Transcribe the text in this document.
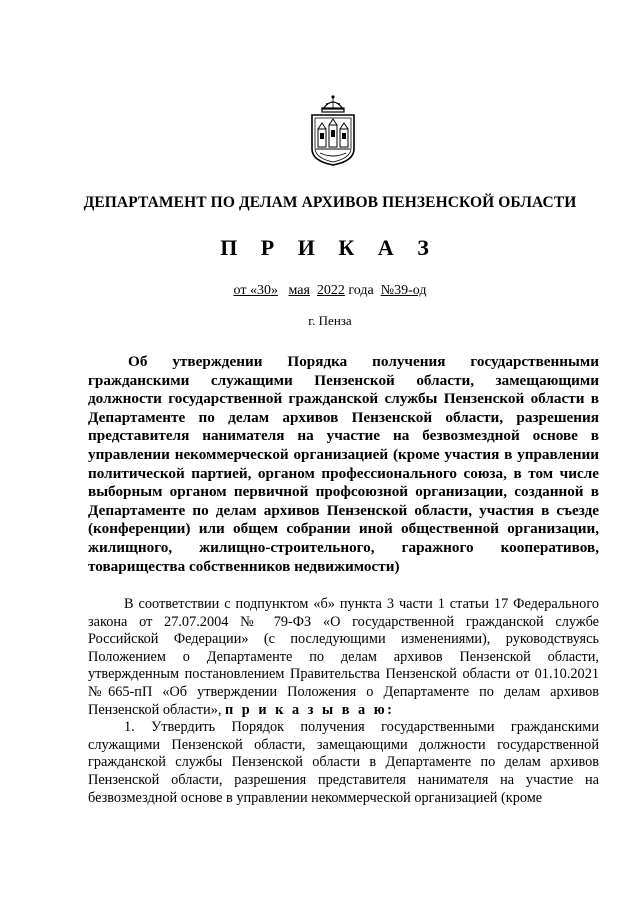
ДЕПАРТАМЕНТ ПО ДЕЛАМ АРХИВОВ ПЕНЗЕНСКОЙ ОБЛАСТИ
П Р И К А З
от «30» мая 2022 года №39-од
г. Пенза
Об утверждении Порядка получения государственными гражданскими служащими Пензенской области, замещающими должности государственной гражданской службы Пензенской области в Департаменте по делам архивов Пензенской области, разрешения представителя нанимателя на участие на безвозмездной основе в управлении некоммерческой организацией (кроме участия в управлении политической партией, органом профессионального союза, в том числе выборным органом первичной профсоюзной организации, созданной в Департаменте по делам архивов Пензенской области, участия в съезде (конференции) или общем собрании иной общественной организации, жилищного, жилищно-строительного, гаражного кооперативов, товарищества собственников недвижимости)

В соответствии с подпунктом «б» пункта 3 части 1 статьи 17 Федерального закона от 27.07.2004 № 79-ФЗ «О государственной гражданской службе Российской Федерации» (с последующими изменениями), руководствуясь Положением о Департаменте по делам архивов Пензенской области, утвержденным постановлением Правительства Пензенской области от 01.10.2021 №665-пП «Об утверждении Положения о Департаменте по делам архивов Пензенской области», п р и к а з ы в а ю:

1. Утвердить Порядок получения государственными гражданскими служащими Пензенской области, замещающими должности государственной гражданской службы Пензенской области в Департаменте по делам архивов Пензенской области, разрешения представителя нанимателя на участие на безвозмездной основе в управлении некоммерческой организацией (кроме
